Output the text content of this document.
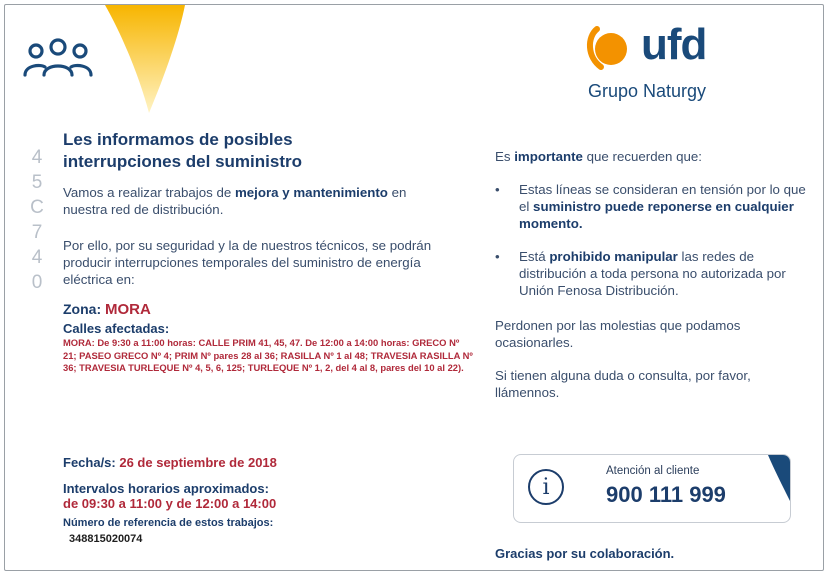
ufd
Grupo Naturgy
4
5
C
7
4
0
Les informamos de posibles
interrupciones del suministro
Vamos a realizar trabajos de mejora y mantenimiento en nuestra red de distribución.
Por ello, por su seguridad y la de nuestros técnicos, se podrán producir interrupciones temporales del suministro de energía eléctrica en:
Zona: MORA
Calles afectadas:
MORA: De 9:30 a 11:00 horas: CALLE PRIM 41, 45, 47. De 12:00 a 14:00 horas: GRECO Nº 21; PASEO GRECO Nº 4; PRIM Nº pares 28 al 36; RASILLA Nº 1 al 48; TRAVESIA RASILLA Nº 36; TRAVESIA TURLEQUE Nº 4, 5, 6, 125; TURLEQUE Nº 1, 2, del 4 al 8, pares del 10 al 22).
Fecha/s: 26 de septiembre de 2018
Intervalos horarios aproximados:
de 09:30 a 11:00 y de 12:00 a 14:00
Número de referencia de estos trabajos:
348815020074
Es importante que recuerden que:
• Estas líneas se consideran en tensión por lo que el suministro puede reponerse en cualquier momento.
• Está prohibido manipular las redes de distribución a toda persona no autorizada por Unión Fenosa Distribución.
Perdonen por las molestias que podamos ocasionarles.
Si tienen alguna duda o consulta, por favor, llámennos.
i
Atención al cliente
900 111 999
Gracias por su colaboración.
